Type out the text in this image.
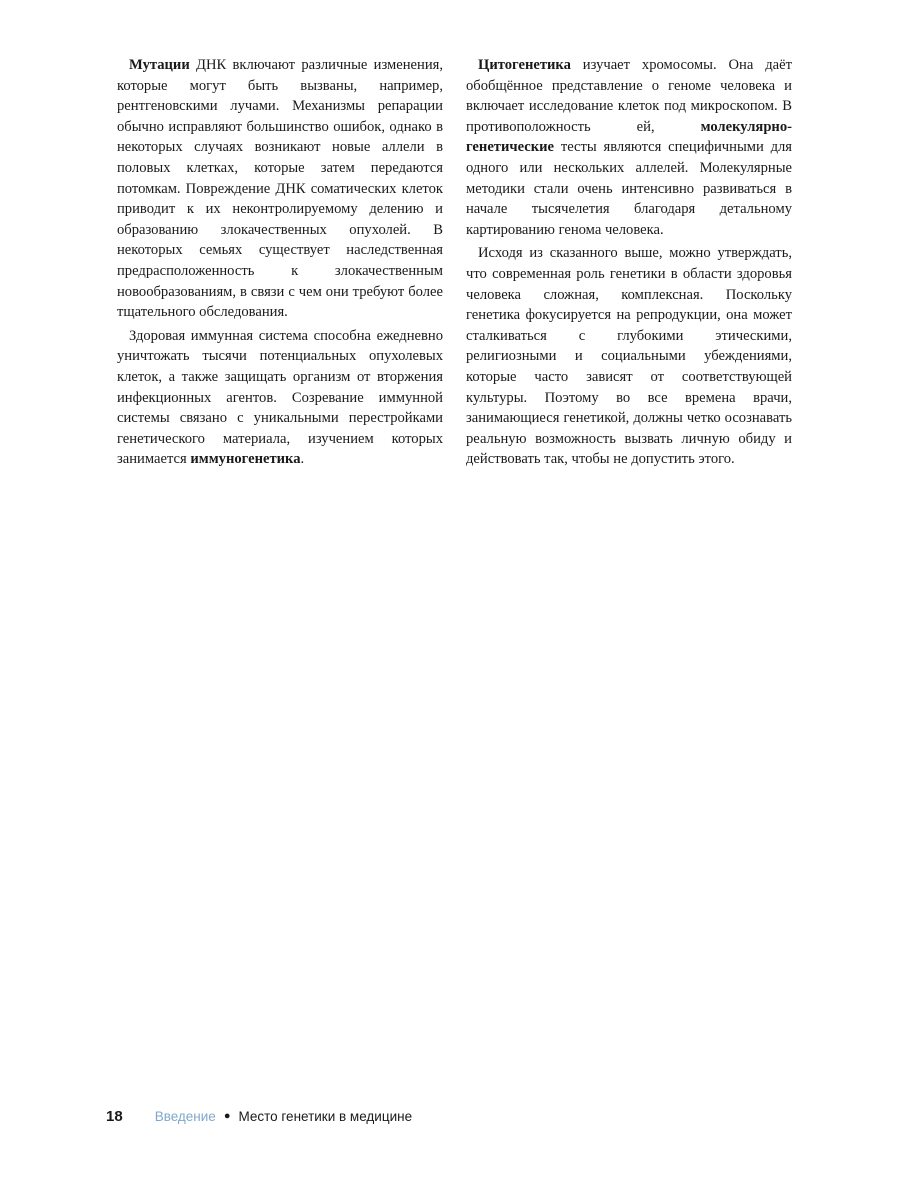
Мутации ДНК включают различные изменения, которые могут быть вызваны, например, рентгеновскими лучами. Механизмы репарации обычно исправляют большинство ошибок, однако в некоторых случаях возникают новые аллели в половых клетках, которые затем передаются потомкам. Повреждение ДНК соматических клеток приводит к их неконтролируемому делению и образованию злокачественных опухолей. В некоторых семьях существует наследственная предрасположенность к злокачественным новообразованиям, в связи с чем они требуют более тщательного обследования.

Здоровая иммунная система способна ежедневно уничтожать тысячи потенциальных опухолевых клеток, а также защищать организм от вторжения инфекционных агентов. Созревание иммунной системы связано с уникальными перестройками генетического материала, изучением которых занимается иммуногенетика.

Цитогенетика изучает хромосомы. Она даёт обобщённое представление о геноме человека и включает исследование клеток под микроскопом. В противоположность ей, молекулярно-генетические тесты являются специфичными для одного или нескольких аллелей. Молекулярные методики стали очень интенсивно развиваться в начале тысячелетия благодаря детальному картированию генома человека.

Исходя из сказанного выше, можно утверждать, что современная роль генетики в области здоровья человека сложная, комплексная. Поскольку генетика фокусируется на репродукции, она может сталкиваться с глубокими этическими, религиозными и социальными убеждениями, которые часто зависят от соответствующей культуры. Поэтому во все времена врачи, занимающиеся генетикой, должны четко осознавать реальную возможность вызвать личную обиду и действовать так, чтобы не допустить этого.

18 Введение ● Место генетики в медицине
